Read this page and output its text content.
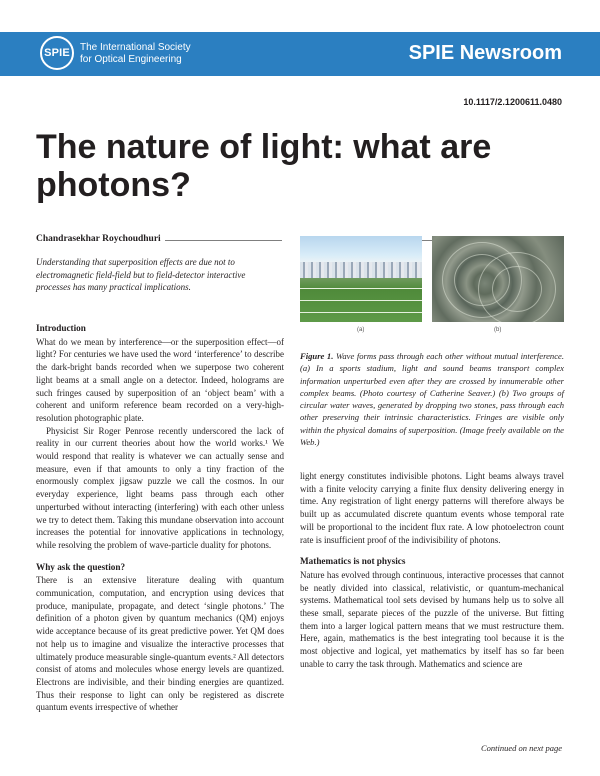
SPIE The International Society
for Optical Engineering	SPIE Newsroom
10.1117/2.1200611.0480
The nature of light: what are photons?
Chandrasekhar Roychoudhuri

Understanding that superposition effects are due not to electromagnetic field-field but to field-detector interactive processes has many practical implications.

Introduction

What do we mean by interference—or the superposition effect—of light? For centuries we have used the word ‘interference’ to describe the dark-bright bands recorded when we superpose two coherent light beams at a small angle on a detector. Indeed, holograms are such fringes caused by superposition of an ‘object beam’ with a coherent and uniform reference beam recorded on a very-high-resolution photographic plate.

Physicist Sir Roger Penrose recently underscored the lack of reality in our current theories about how the world works.¹ We would respond that reality is whatever we can actually sense and measure, even if that amounts to only a tiny fraction of the enormously complex jigsaw puzzle we call the cosmos. In our everyday experience, light beams pass through each other unperturbed without interacting (interfering) with each other unless we try to detect them. Taking this mundane observation into account increases the potential for innovative applications in technology, while resolving the problem of wave-particle duality for photons.

Why ask the question?

There is an extensive literature dealing with quantum communication, computation, and encryption using devices that produce, manipulate, propagate, and detect ‘single photons.’ The definition of a photon given by quantum mechanics (QM) enjoys wide acceptance because of its great predictive power. Yet QM does not help us to imagine and visualize the interactive processes that ultimately produce measurable single-quantum events.² All detectors consist of atoms and molecules whose energy levels are quantized. Electrons are indivisible, and their binding energies are quantized. Thus their response to light can only be registered as discrete quantum events irrespective of whether

(a)	(b)

Figure 1. Wave forms pass through each other without mutual interference. (a) In a sports stadium, light and sound beams transport complex information unperturbed even after they are crossed by innumerable other complex beams. (Photo courtesy of Catherine Seaver.) (b) Two groups of circular water waves, generated by dropping two stones, pass through each other preserving their intrinsic characteristics. Fringes are visible only within the physical domains of superposition. (Image freely available on the Web.)

light energy constitutes indivisible photons. Light beams always travel with a finite velocity carrying a finite flux density delivering energy in time. Any registration of light energy patterns will therefore always be built up as accumulated discrete quantum events whose temporal rate will be proportional to the incident flux rate. A low photoelectron count rate is insufficient proof of the indivisibility of photons.

Mathematics is not physics

Nature has evolved through continuous, interactive processes that cannot be neatly divided into classical, relativistic, or quantum-mechanical systems. Mathematical tool sets devised by humans help us to solve all these small, separate pieces of the puzzle of the universe. But fitting them into a larger logical pattern means that we must restructure them. Here, again, mathematics is the best integrating tool because it is the most objective and logical, yet mathematics by itself has so far been unable to carry the task through. Mathematics and science are

Continued on next page
